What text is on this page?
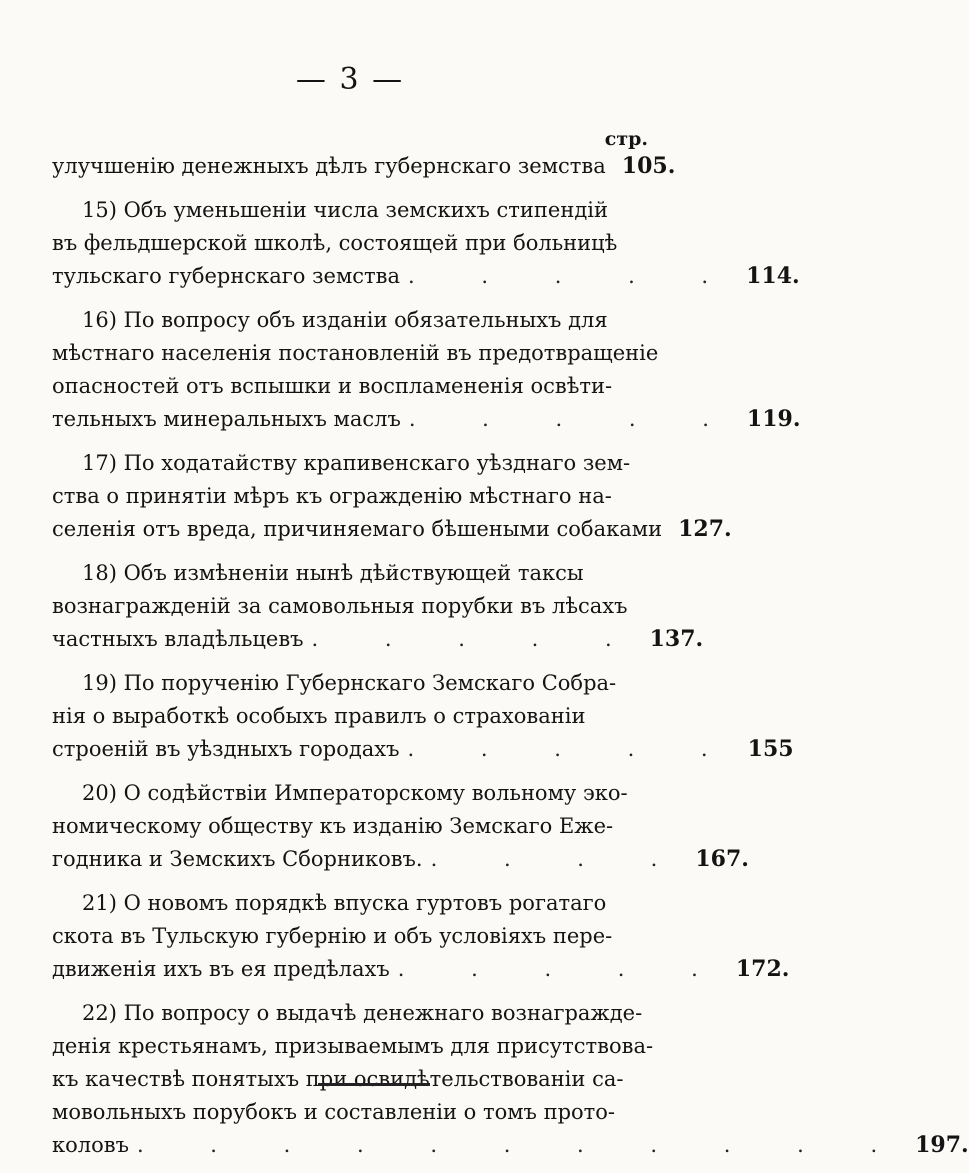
— 3 —
стр.
улучшенію денежныхъ дѣлъ губернскаго земства 105.
15) Объ уменьшеніи числа земскихъ стипендій
въ фельдшерской школѣ, состоящей при больницѣ
тульскаго губернскаго земства . . . . . 114.
16) По вопросу объ изданіи обязательныхъ для
мѣстнаго населенія постановленій въ предотвращеніе
опасностей отъ вспышки и воспламененія освѣти-
тельныхъ минеральныхъ маслъ . . . . . 119.
17) По ходатайству крапивенскаго уѣзднаго зем-
ства о принятіи мѣръ къ огражденію мѣстнаго на-
селенія отъ вреда, причиняемаго бѣшеными собаками 127.
18) Объ измѣненіи нынѣ дѣйствующей таксы
вознагражденій за самовольныя порубки въ лѣсахъ
частныхъ владѣльцевъ . . . . . 137.
19) По порученію Губернскаго Земскаго Собра-
нія о выработкѣ особыхъ правилъ о страхованіи
строеній въ уѣздныхъ городахъ . . . . . 155
20) О содѣйствіи Императорскому вольному эко-
номическому обществу къ изданію Земскаго Еже-
годника и Земскихъ Сборниковъ. . . . . 167.
21) О новомъ порядкѣ впуска гуртовъ рогатаго
скота въ Тульскую губернію и объ условіяхъ пере-
движенія ихъ въ ея предѣлахъ . . . . . 172.
22) По вопросу о выдачѣ денежнаго вознагражде-
денія крестьянамъ, призываемымъ для присутствова-
къ качествѣ понятыхъ при освидѣтельствованіи са-
мовольныхъ порубокъ и составленіи о томъ прото-
коловъ . . . . . . . . . . . 197.
